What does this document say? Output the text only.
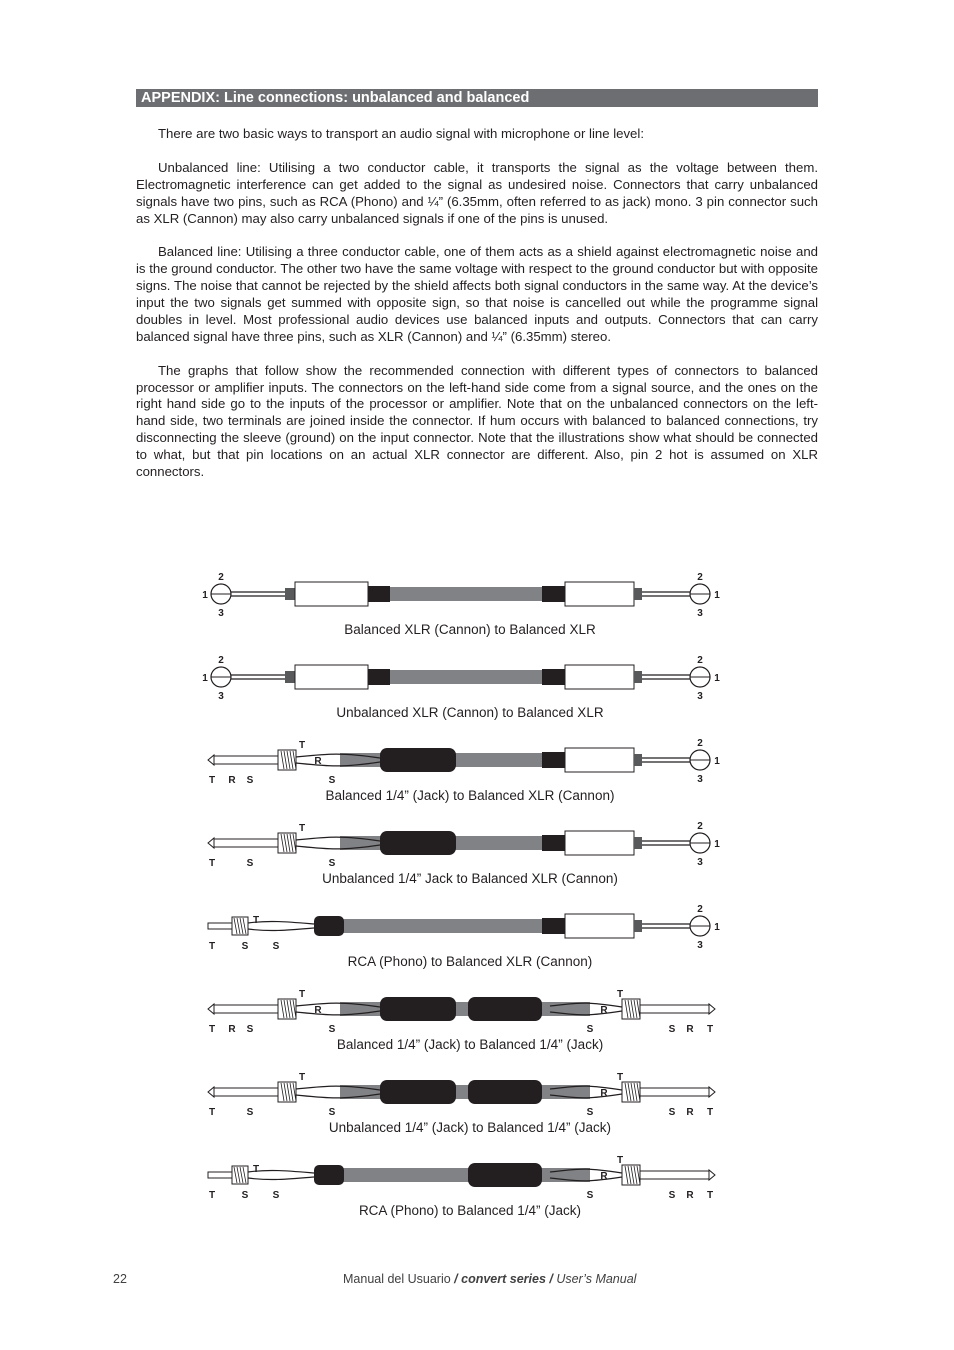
APPENDIX: Line connections: unbalanced and balanced

There are two basic ways to transport an audio signal with microphone or line level:

Unbalanced line: Utilising a two conductor cable, it transports the signal as the voltage between them. Electromagnetic interference can get added to the signal as undesired noise. Connectors that carry unbalanced signals have two pins, such as RCA (Phono) and ¼” (6.35mm, often referred to as jack) mono. 3 pin connector such as XLR (Cannon) may also carry unbalanced signals if one of the pins is unused.

Balanced line: Utilising a three conductor cable, one of them acts as a shield against electromagnetic noise and is the ground conductor. The other two have the same voltage with respect to the ground conductor but with opposite signs. The noise that cannot be rejected by the shield affects both signal conductors in the same way. At the device’s input the two signals get summed with opposite sign, so that noise is cancelled out while the programme signal doubles in level. Most professional audio devices use balanced inputs and outputs. Connectors that can carry balanced signal have three pins, such as XLR (Cannon) and ¼” (6.35mm) stereo.

The graphs that follow show the recommended connection with different types of connectors to balanced processor or amplifier inputs. The connectors on the left-hand side come from a signal source, and the ones on the right hand side go to the inputs of the processor or amplifier. Note that on the unbalanced connectors on the left-hand side, two terminals are joined inside the connector. If hum occurs with balanced to balanced connections, try disconnecting the sleeve (ground) on the input connector. Note that the illustrations show what should be connected to what, but that pin locations on an actual XLR connector are different. Also, pin 2 hot is assumed on XLR connectors.

2
1
3
2
1
3
Balanced XLR (Cannon) to Balanced XLR
2
1
3
2
1
3
Unbalanced XLR (Cannon) to Balanced XLR
T R S
T
R
S
2
1
3
Balanced 1/4” (Jack) to Balanced XLR (Cannon)
T	S
T
S
2
1
3
Unbalanced 1/4” Jack to Balanced XLR (Cannon)
T	S
T
S
2
1
3
RCA (Phono) to Balanced XLR (Cannon)
T R S
T
R
S	T
R
S
T
R
S
Balanced 1/4” (Jack) to Balanced 1/4” (Jack)
T	S
T
S	T
R
S
T
R
S
Unbalanced 1/4” (Jack) to Balanced 1/4” (Jack)
T	S
T
S	T
R
S
T
R
S
RCA (Phono) to Balanced 1/4” (Jack)
22	Manual del Usuario / convert series / User’s Manual
